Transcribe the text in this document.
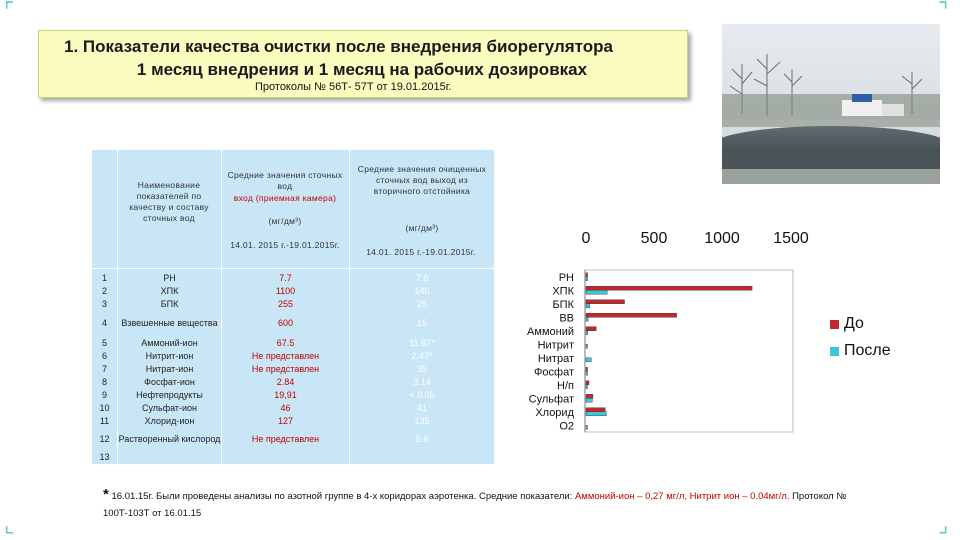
⌜	⌝
⌞	⌟
1. Показатели качества очистки после внедрения биорегулятора
1 месяц внедрения и 1 месяц на рабочих дозировках
Протоколы № 56Т- 57Т от 19.01.2015г.
Наименование показателей по качеству и составу сточных вод
Средние значения сточных вод
вход (приемная камера)
(мг/дм³)
14.01. 2015 г.-19.01.2015г.
Средние значения очищенных сточных вод выход из вторичного отстойника
(мг/дм³)
14.01. 2015 г.-19.01.2015г.
1	PH	7.7	7.6
2	ХПК	1100	140
3	БПК	255	25
4	Взвешенные вещества	600	15
5	Аммоний-ион	67.5	11.87*
6	Нитрит-ион	Не представлен	2.47*
7	Нитрат-ион	Не представлен	35
8	Фосфат-ион	2.84	3.14
9	Нефтепродукты	19,91	< 0.05
10	Сульфат-ион	46	41
11	Хлорид-ион	127	135
12	Растворенный кислород	Не представлен	5.6
13
0	500 1000 1500
PH
ХПК
БПК
ВВ
Аммоний
Нитрит
Нитрат
Фосфат
Н/п
Сульфат
Хлорид
О2
До
После
* 16.01.15г. Были проведены анализы по азотной группе в 4-х коридорах аэротенка. Средние показатели: Аммоний-ион – 0,27 мг/л, Нитрит ион – 0.04мг/л. Протокол № 100Т-103Т от 16.01.15
